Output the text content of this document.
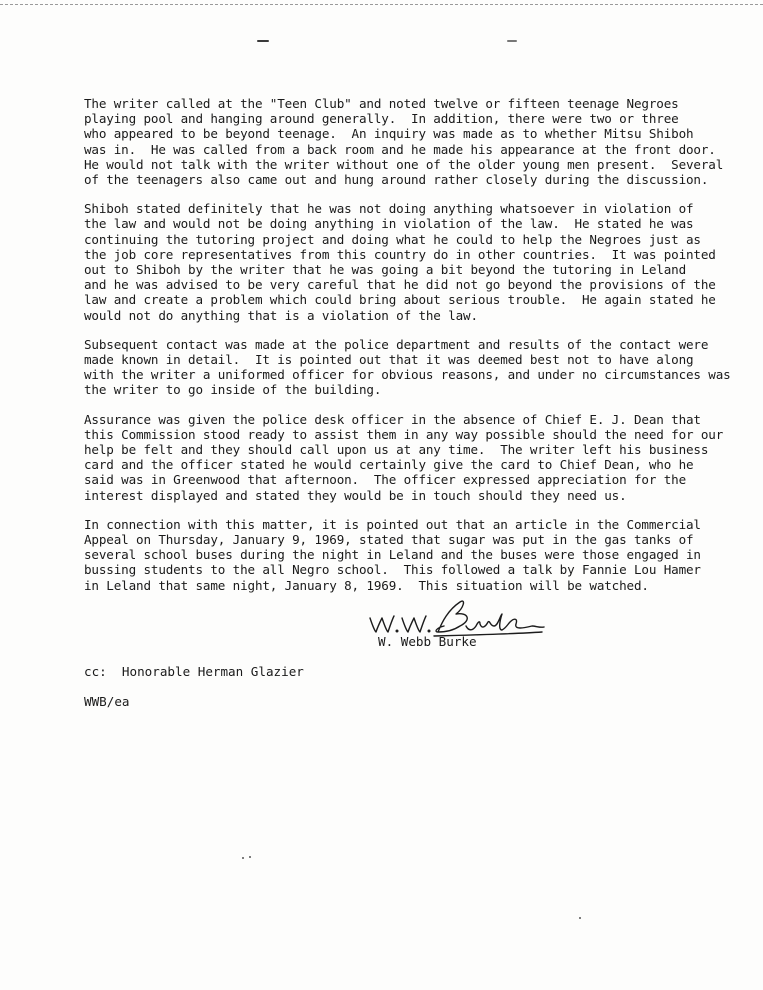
The writer called at the "Teen Club" and noted twelve or fifteen teenage Negroes
playing pool and hanging around generally.  In addition, there were two or three
who appeared to be beyond teenage.  An inquiry was made as to whether Mitsu Shiboh
was in.  He was called from a back room and he made his appearance at the front door.
He would not talk with the writer without one of the older young men present.  Several
of the teenagers also came out and hung around rather closely during the discussion.

Shiboh stated definitely that he was not doing anything whatsoever in violation of
the law and would not be doing anything in violation of the law.  He stated he was
continuing the tutoring project and doing what he could to help the Negroes just as
the job core representatives from this country do in other countries.  It was pointed
out to Shiboh by the writer that he was going a bit beyond the tutoring in Leland
and he was advised to be very careful that he did not go beyond the provisions of the
law and create a problem which could bring about serious trouble.  He again stated he
would not do anything that is a violation of the law.

Subsequent contact was made at the police department and results of the contact were
made known in detail.  It is pointed out that it was deemed best not to have along
with the writer a uniformed officer for obvious reasons, and under no circumstances was
the writer to go inside of the building.

Assurance was given the police desk officer in the absence of Chief E. J. Dean that
this Commission stood ready to assist them in any way possible should the need for our
help be felt and they should call upon us at any time.  The writer left his business
card and the officer stated he would certainly give the card to Chief Dean, who he
said was in Greenwood that afternoon.  The officer expressed appreciation for the
interest displayed and stated they would be in touch should they need us.

In connection with this matter, it is pointed out that an article in the Commercial
Appeal on Thursday, January 9, 1969, stated that sugar was put in the gas tanks of
several school buses during the night in Leland and the buses were those engaged in
bussing students to the all Negro school.  This followed a talk by Fannie Lou Hamer
in Leland that same night, January 8, 1969.  This situation will be watched.

W. Webb Burke
cc:  Honorable Herman Glazier
WWB/ea
